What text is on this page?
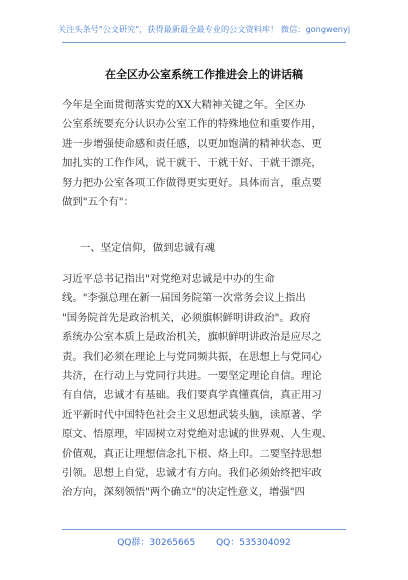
关注头条号"公文研究"，获得最新最全最专业的公文资料库！ 微信：gongwenyj
在全区办公室系统工作推进会上的讲话稿
今年是全面贯彻落实党的XX大精神关键之年。全区办
公室系统要充分认识办公室工作的特殊地位和重要作用，
进一步增强使命感和责任感，以更加饱满的精神状态、更
加扎实的工作作风，说干就干、干就干好、干就干漂亮，
努力把办公室各项工作做得更实更好。具体而言，重点要
做到"五个有"：
一、坚定信仰，做到忠诚有魂
习近平总书记指出"对党绝对忠诚是中办的生命
线。"李强总理在新一届国务院第一次常务会议上指出
"国务院首先是政治机关，必须旗帜鲜明讲政治"。政府
系统办公室本质上是政治机关，旗帜鲜明讲政治是应尽之
责。我们必须在理论上与党同频共振，在思想上与党同心
共济，在行动上与党同行共进。一要坚定理论自信。理论
有自信，忠诚才有基础。我们要真学真懂真信，真正用习
近平新时代中国特色社会主义思想武装头脑，读原著、学
原文、悟原理，牢固树立对党绝对忠诚的世界观、人生观、
价值观，真正让理想信念扎下根、烙上印。二要坚持思想
引领。思想上自觉，忠诚才有方向。我们必须始终把牢政
治方向，深刻领悟"两个确立"的决定性意义，增强"四
QQ群：30265665 QQ：535304092
